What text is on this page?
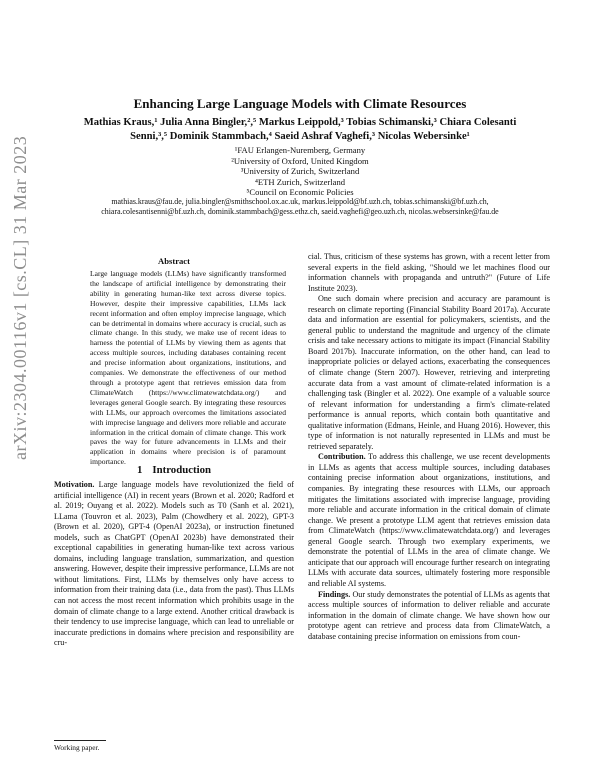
arXiv:2304.00116v1 [cs.CL] 31 Mar 2023
Enhancing Large Language Models with Climate Resources
Mathias Kraus,¹ Julia Anna Bingler,²,⁵ Markus Leippold,³ Tobias Schimanski,³ Chiara Colesanti
Senni,³,⁵ Dominik Stammbach,⁴ Saeid Ashraf Vaghefi,³ Nicolas Webersinke¹
¹FAU Erlangen-Nuremberg, Germany
²University of Oxford, United Kingdom
³University of Zurich, Switzerland
⁴ETH Zurich, Switzerland
⁵Council on Economic Policies
mathias.kraus@fau.de, julia.bingler@smithschool.ox.ac.uk, markus.leippold@bf.uzh.ch, tobias.schimanski@bf.uzh.ch,
chiara.colesantisenni@bf.uzh.ch, dominik.stammbach@gess.ethz.ch, saeid.vaghefi@geo.uzh.ch, nicolas.websersinke@fau.de
Abstract

Large language models (LLMs) have significantly transformed the landscape of artificial intelligence by demonstrating their ability in generating human-like text across diverse topics. However, despite their impressive capabilities, LLMs lack recent information and often employ imprecise language, which can be detrimental in domains where accuracy is crucial, such as climate change. In this study, we make use of recent ideas to harness the potential of LLMs by viewing them as agents that access multiple sources, including databases containing recent and precise information about organizations, institutions, and companies. We demonstrate the effectiveness of our method through a prototype agent that retrieves emission data from ClimateWatch (https://www.climatewatchdata.org/) and leverages general Google search. By integrating these resources with LLMs, our approach overcomes the limitations associated with imprecise language and delivers more reliable and accurate information in the critical domain of climate change. This work paves the way for future advancements in LLMs and their application in domains where precision is of paramount importance.

1 Introduction

Motivation. Large language models have revolutionized the field of artificial intelligence (AI) in recent years (Brown et al. 2020; Radford et al. 2019; Ouyang et al. 2022). Models such as T0 (Sanh et al. 2021), LLama (Touvron et al. 2023), Palm (Chowdhery et al. 2022), GPT-3 (Brown et al. 2020), GPT-4 (OpenAI 2023a), or instruction finetuned models, such as ChatGPT (OpenAI 2023b) have demonstrated their exceptional capabilities in generating human-like text across various domains, including language translation, summarization, and question answering. However, despite their impressive performance, LLMs are not without limitations. First, LLMs by themselves only have access to information from their training data (i.e., data from the past). Thus LLMs can not access the most recent information which prohibits usage in the domain of climate change to a large extend. Another critical drawback is their tendency to use imprecise language, which can lead to unreliable or inaccurate predictions in domains where precision and responsibility are cru-

Working paper.

cial. Thus, criticism of these systems has grown, with a recent letter from several experts in the field asking, "Should we let machines flood our information channels with propaganda and untruth?" (Future of Life Institute 2023).

One such domain where precision and accuracy are paramount is research on climate reporting (Financial Stability Board 2017a). Accurate data and information are essential for policymakers, scientists, and the general public to understand the magnitude and urgency of the climate crisis and take necessary actions to mitigate its impact (Financial Stability Board 2017b). Inaccurate information, on the other hand, can lead to inappropriate policies or delayed actions, exacerbating the consequences of climate change (Stern 2007). However, retrieving and interpreting accurate data from a vast amount of climate-related information is a challenging task (Bingler et al. 2022). One example of a valuable source of relevant information for understanding a firm's climate-related performance is annual reports, which contain both quantitative and qualitative information (Edmans, Heinle, and Huang 2016). However, this type of information is not naturally represented in LLMs and must be retrieved separately.

Contribution. To address this challenge, we use recent developments in LLMs as agents that access multiple sources, including databases containing precise information about organizations, institutions, and companies. By integrating these resources with LLMs, our approach mitigates the limitations associated with imprecise language, providing more reliable and accurate information in the critical domain of climate change. We present a prototype LLM agent that retrieves emission data from ClimateWatch (https://www.climatewatchdata.org/) and leverages general Google search. Through two exemplary experiments, we demonstrate the potential of LLMs in the area of climate change. We anticipate that our approach will encourage further research on integrating LLMs with accurate data sources, ultimately fostering more responsible and reliable AI systems.

Findings. Our study demonstrates the potential of LLMs as agents that access multiple sources of information to deliver reliable and accurate information in the domain of climate change. We have shown how our prototype agent can retrieve and process data from ClimateWatch, a database containing precise information on emissions from coun-
